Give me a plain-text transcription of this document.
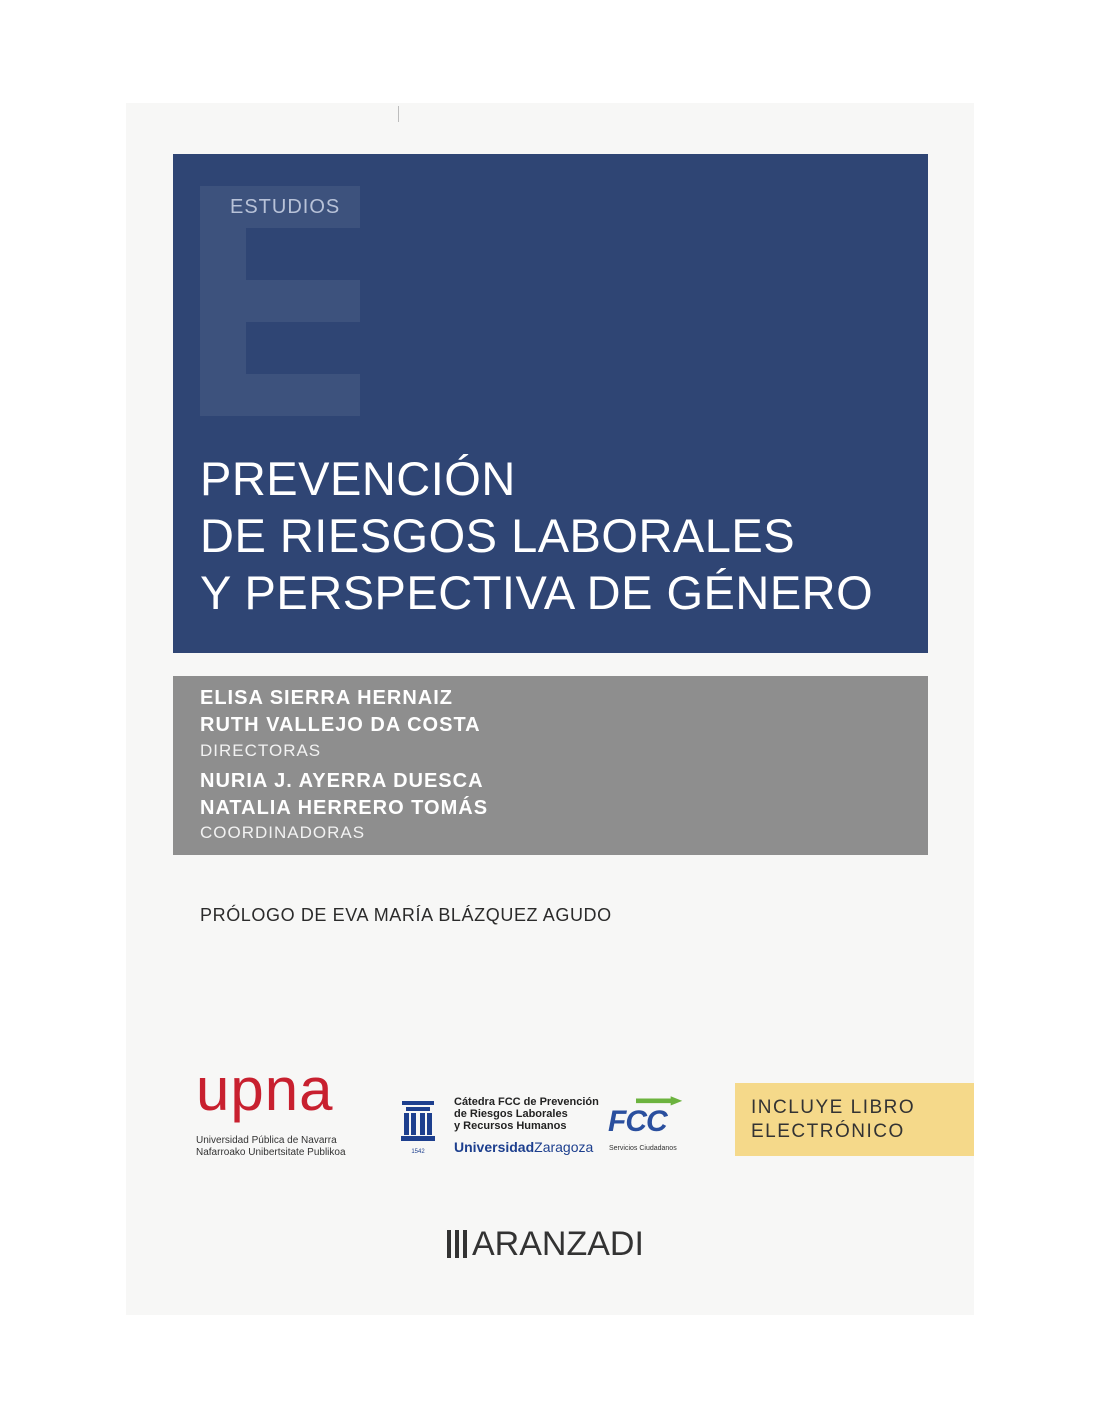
ESTUDIOS
PREVENCIÓN
DE RIESGOS LABORALES
Y PERSPECTIVA DE GÉNERO
ELISA SIERRA HERNAIZ
RUTH VALLEJO DA COSTA
DIRECTORAS
NURIA J. AYERRA DUESCA
NATALIA HERRERO TOMÁS
COORDINADORAS
PRÓLOGO DE EVA MARÍA BLÁZQUEZ AGUDO
upna
Universidad Pública de Navarra
Nafarroako Unibertsitate Publikoa	1542
Cátedra FCC de Prevención
de Riesgos Laborales
y Recursos Humanos
UniversidadZaragoza
FCC
Servicios Ciudadanos
INCLUYE LIBRO
ELECTRÓNICO
ARANZADI
